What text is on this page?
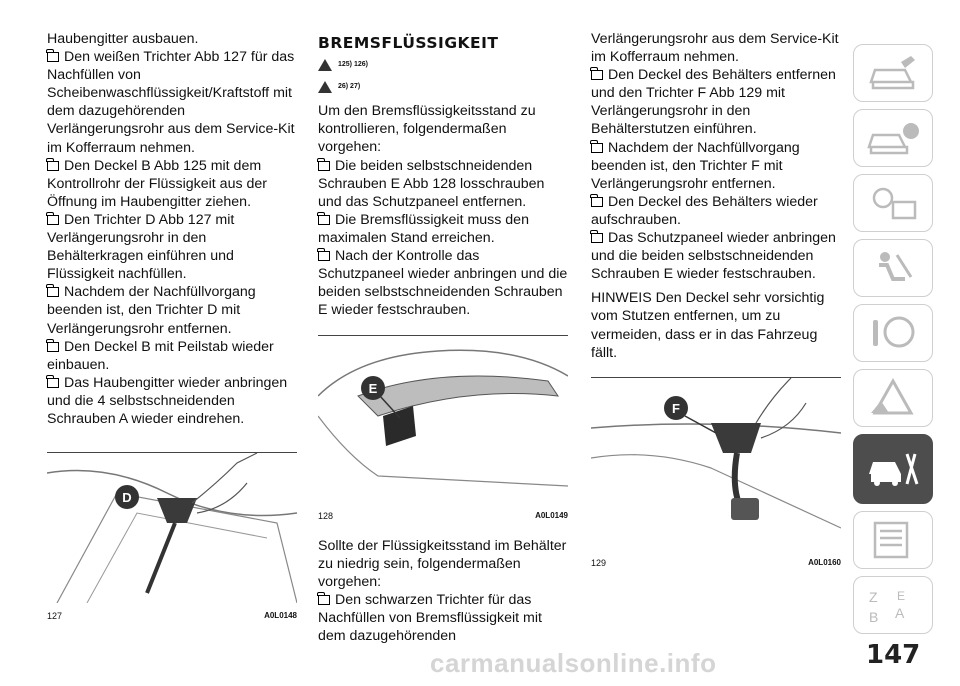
Haubengitter ausbauen.

Den weißen Trichter Abb 127 für das Nachfüllen von Scheibenwaschflüssigkeit/Kraftstoff mit dem dazugehörenden Verlängerungsrohr aus dem Service-Kit im Kofferraum nehmen.

Den Deckel B Abb 125 mit dem Kontrollrohr der Flüssigkeit aus der Öffnung im Haubengitter ziehen.

Den Trichter D Abb 127 mit Verlängerungsrohr in den Behälterkragen einführen und Flüssigkeit nachfüllen.

Nachdem der Nachfüllvorgang beenden ist, den Trichter D mit Verlängerungsrohr entfernen.

Den Deckel B mit Peilstab wieder einbauen.

Das Haubengitter wieder anbringen und die 4 selbstschneidenden Schrauben A wieder eindrehen.

D
127	A0L0148
BREMSFLÜSSIGKEIT
125) 126)
26) 27)

Um den Bremsflüssigkeitsstand zu kontrollieren, folgendermaßen vorgehen:

Die beiden selbstschneidenden Schrauben E Abb 128 losschrauben und das Schutzpaneel entfernen.

Die Bremsflüssigkeit muss den maximalen Stand erreichen.

Nach der Kontrolle das Schutzpaneel wieder anbringen und die beiden selbstschneidenden Schrauben E wieder festschrauben.

E
128	A0L0149

Sollte der Flüssigkeitsstand im Behälter zu niedrig sein, folgendermaßen vorgehen:

Den schwarzen Trichter für das Nachfüllen von Bremsflüssigkeit mit dem dazugehörenden

Verlängerungsrohr aus dem Service-Kit im Kofferraum nehmen.

Den Deckel des Behälters entfernen und den Trichter F Abb 129 mit Verlängerungsrohr in den Behälterstutzen einführen.

Nachdem der Nachfüllvorgang beenden ist, den Trichter F mit Verlängerungsrohr entfernen.

Den Deckel des Behälters wieder aufschrauben.

Das Schutzpaneel wieder anbringen und die beiden selbstschneidenden Schrauben E wieder festschrauben.

HINWEIS Den Deckel sehr vorsichtig vom Stutzen entfernen, um zu vermeiden, dass er in das Fahrzeug fällt.

F
129	A0L0160
Z E
B A
147
carmanualsonline.info
